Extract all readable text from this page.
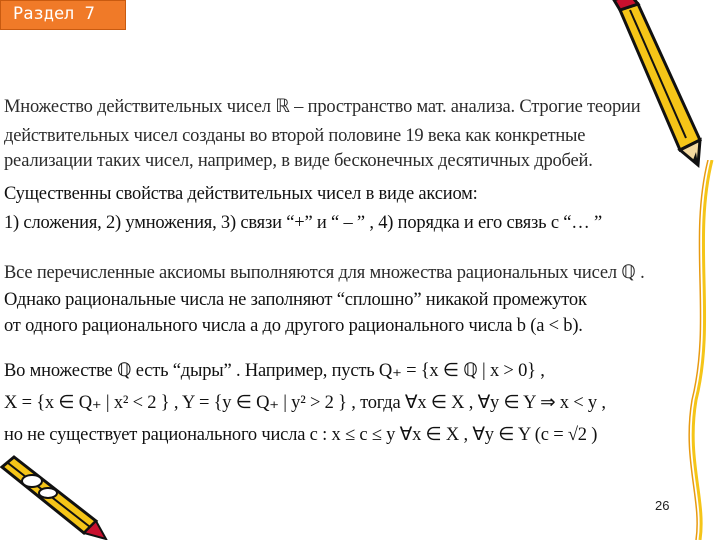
Раздел 7
Множество действительных чисел ℝ – пространство мат. анализа. Строгие теории
действительных чисел созданы во второй половине 19 века как конкретные
реализации таких чисел, например, в виде бесконечных десятичных дробей.
Существенны свойства действительных чисел в виде аксиом:
1) сложения, 2) умножения, 3) связи “+” и “ – ” , 4) порядка и его связь с “… ”
Все перечисленные аксиомы выполняются для множества рациональных чисел ℚ .
Однако рациональные числа не заполняют “сплошно” никакой промежуток
от одного рационального числа a до другого рационального числа b (a < b).
Во множестве ℚ есть “дыры” . Например, пусть Q₊ = {x ∈ ℚ | x > 0} ,
X = {x ∈ Q₊ | x² < 2 } , Y = {y ∈ Q₊ | y² > 2 } , тогда ∀x ∈ X , ∀y ∈ Y ⇒ x < y ,
но не существует рационального числа c : x ≤ c ≤ y ∀x ∈ X , ∀y ∈ Y (c = √2 )
26
